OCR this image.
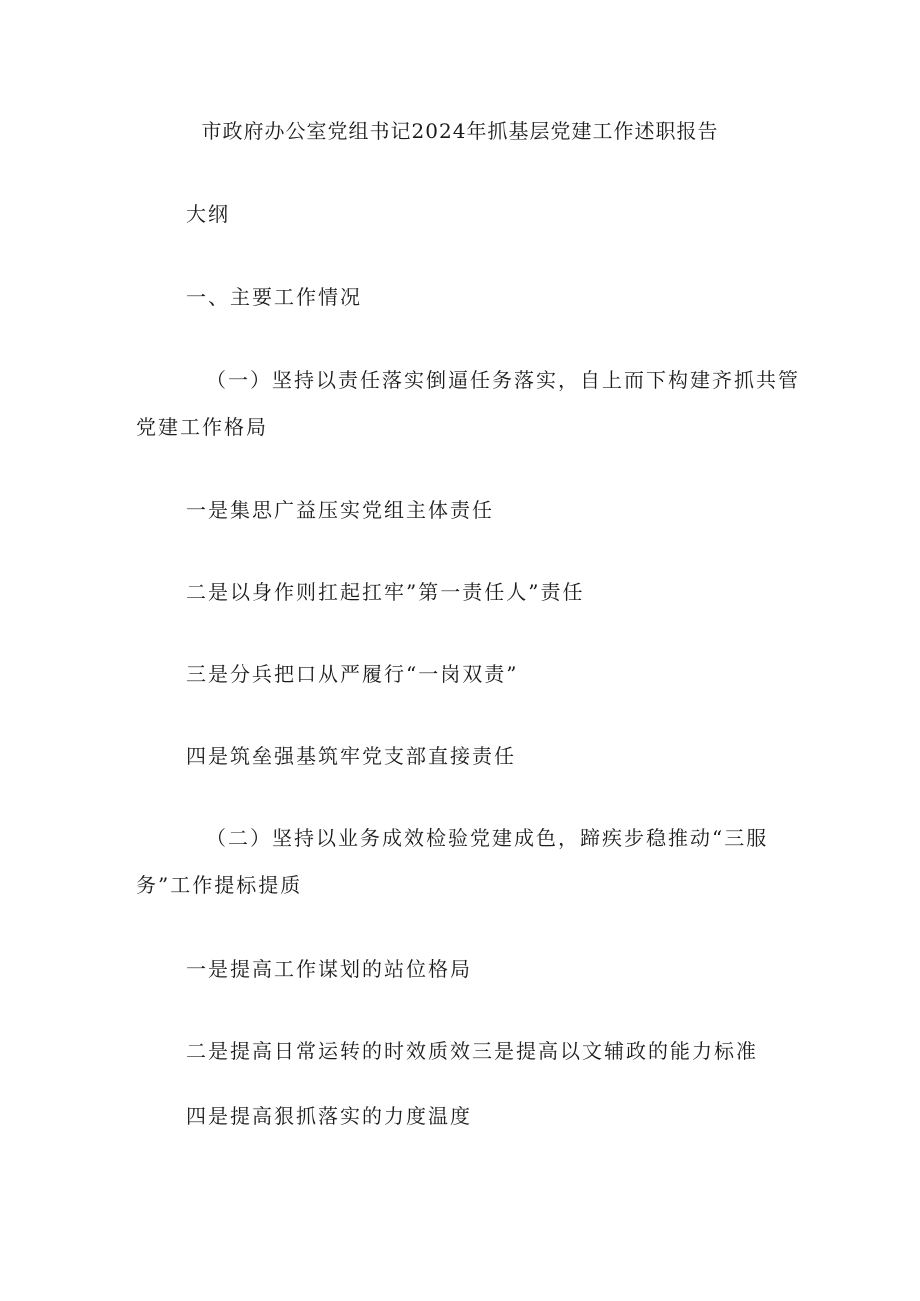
市政府办公室党组书记2024年抓基层党建工作述职报告
大纲
一、主要工作情况
（一）坚持以责任落实倒逼任务落实，自上而下构建齐抓共管
党建工作格局
一是集思广益压实党组主体责任
二是以身作则扛起扛牢”第一责任人”责任
三是分兵把口从严履行“一岗双责”
四是筑垒强基筑牢党支部直接责任
（二）坚持以业务成效检验党建成色，蹄疾步稳推动“三服
务”工作提标提质
一是提高工作谋划的站位格局
二是提高日常运转的时效质效三是提高以文辅政的能力标准
四是提高狠抓落实的力度温度
